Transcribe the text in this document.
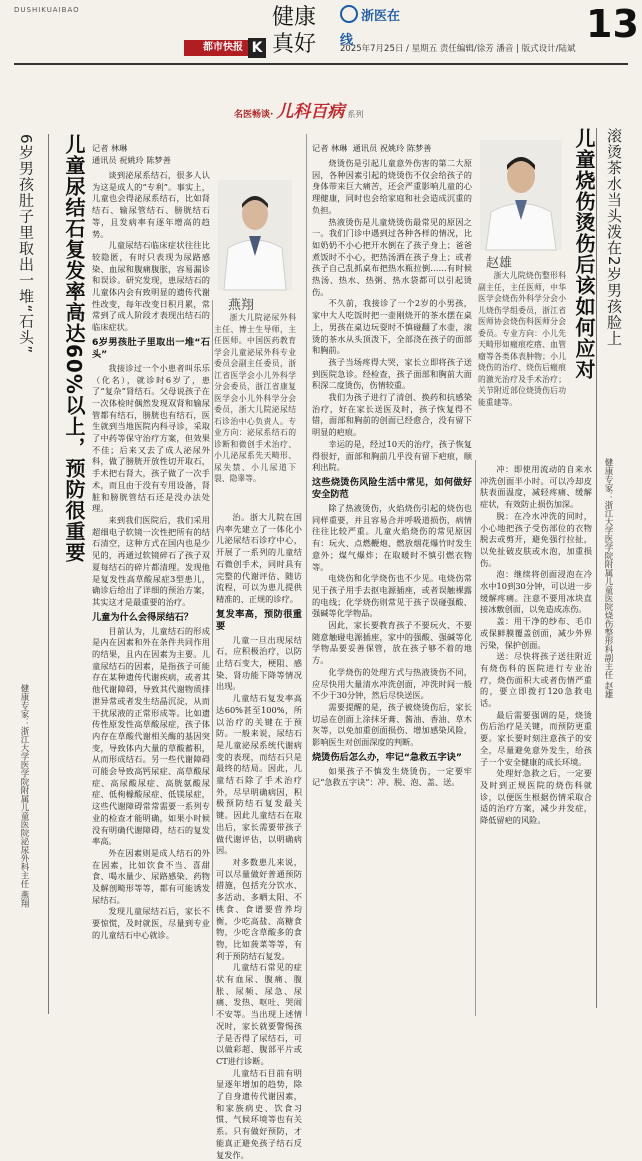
DUSHIKUAIBAO
都市快报 K
健康真好
浙医在线
2025年7月25日 / 星期五 责任编辑/徐芳 潘音 | 版式设计/陆斌
13
名医畅谈· 儿科百病 系列
6岁男孩肚子里取出一堆“石头” 儿童尿结石复发率高达60%以上，预防很重要
健康专家：浙江大学医学院附属儿童医院泌尿外科主任 燕翔
儿童烧伤烫伤后该如何应对 滚烫茶水当头泼在2岁男孩脸上
健康专家：浙江大学医学院附属儿童医院烧伤整形科副主任 赵雄
记者 林琳
通讯员 祝姚玲 陈梦善

谈到泌尿系结石，很多人认为这是成人的“专利”。事实上，儿童也会得泌尿系结石，比如肾结石、输尿管结石、膀胱结石等，且发病率有逐年增高的趋势。

儿童尿结石临床症状往往比较隐匿，有时只表现为尿路感染、血尿和腹痛腹胀，容易漏诊和误诊。研究发现，患尿结石的儿童体内会有致明显的遗传代谢性改变，每年改变日积月累，常常到了成人阶段才表现出结石的临床症状。

6岁男孩肚子里取出一堆“石头”

我接诊过一个小患者叫乐乐（化名），就诊时6岁了，患了“复杂”肾结石。父母说孩子在一次体检时偶然发现双肾和输尿管都有结石，膀胱也有结石，医生就到当地医院内科寻诊，采取了中药等保守治疗方案，但效果不佳；后来又去了成人泌尿外科，做了膀胱开放性切开取石，手术把右肾大，孩子做了一次手术，而且由于没有专用设备，肾脏和膀胱管结石还是没办法处理。

来到我们医院后，我们采用超细电子软镜一次性把所有的结石清空，这种方式在国内也是少见的，再通过软镜碎石了孩子双夏每结石的碎片都清理。发现他是复发性高草酸尿症3型患儿，确诊后给出了详细的预治方案，其实这才是最重要的治疗。

儿童为什么会得尿结石？

目前认为，儿童结石的形成是内在因素和外在条件共同作用的结果，且内在因素为主要。儿童尿结石的因素，是指孩子可能存在某种遗传代谢疾病，或者其他代谢障碍，导致其代谢物质排泄异常或者发生结晶沉淀，从而干扰尿液的正常形成等。比如遗传性原发性高草酸尿症，孩子体内存在草酸代谢相关酶的基因突变，导致体内大量的草酸蓄积，从而形成结石。另一些代谢障碍可能会导致高钙尿症、高草酸尿症、高尿酸尿症、高胱氨酸尿症、低枸橼酸尿症、低镁尿症，这些代谢障碍常常需要一系列专业的检查才能明确，如果小时候没有明确代谢障碍，结石的复发率高。

外在因素则是成人结石的外在因素，比如饮食不当、喜甜食、喝水量少、尿路感染、药物及解剖畸形等等，都有可能诱发尿结石。

发现儿童尿结石后，家长不要惊慌，及时就医，尽量到专业的儿童结石中心就诊。

燕翔
浙大儿院泌尿外科主任、博士生导师，主任医师。中国医药教育学会儿童泌尿外科专业委员会副主任委员，浙江省医学会小儿外科学分会委员，浙江省康复医学会小儿外科学分会委员，浙大儿院泌尿结石诊治中心负责人。专业方向：泌尿系结石的诊断和微创手术治疗、小儿泌尿系先天畸形、尿失禁、小儿尿道下裂、隐睾等。

治。浙大儿院在国内率先建立了一体化小儿泌尿结石诊疗中心，开展了一系列的儿童结石微创手术，同时具有完整的代谢评估、随访流程，可以为患儿提供精准的、正规的诊疗。

复发率高，预防很重要

儿童一旦出现尿结石，应积极治疗，以防止结石变大，梗阻、感染、肾功能下降等情况出现。

儿童结石复发率高达60%甚至100%，所以治疗的关键在于预防。一般来说，尿结石是儿童泌尿系统代谢病变的表现，而结石只是最终的结局。因此，儿童结石除了手术治疗外，尽早明确病因，积极预防结石复发最关键。因此儿童结石在取出后，家长需要带孩子做代谢评估，以明确病因。

对多数患儿来说，可以尽量做好普通预防措施，包括充分饮水、多活动、多晒太阳、不挑食、食谱要营养均衡，少吃高盐、高糖食物，少吃含草酸多的食物，比如菠菜等等，有利于预防结石复发。

儿童结石常见的症状有血尿、腹痛、腹胀、尿频、尿急、尿痛、发热、呕吐、哭闹不安等。当出现上述情况时，家长就要警惕孩子是否得了尿结石，可以做彩超、腹部平片或CT进行诊断。

儿童结石目前有明显逐年增加的趋势，除了自身遗传代谢因素，和家族病史、饮食习惯、气候环境等也有关系。只有做好预防，才能真正避免孩子结石反复发作。

记者 林琳 通讯员 祝姚玲 陈梦善

烧烫伤是引起儿童意外伤害的第二大原因，各种因素引起的烧烫伤不仅会给孩子的身体带来巨大痛苦，还会严重影响儿童的心理健康，同时也会给家庭和社会造成沉重的负担。

热液烫伤是儿童烧烫伤最常见的原因之一。我们门诊中遇到过各种各样的情况，比如奶奶不小心把开水倒在了孩子身上；爸爸煮饭时不小心，把热汤洒在孩子身上；或者孩子自己乱抓桌布把热水瓶拉倒……有时候热汤、热水、热粥、热水袋都可以引起烫伤。

不久前，我接诊了一个2岁的小男孩，家中大人吃饭时把一壶刚烧开的茶水摆在桌上，男孩在桌边玩耍时不慎碰翻了水壶，滚烫的茶水从头顶泼下，全部浇在孩子的面部和胸前。

孩子当场疼得大哭，家长立即将孩子送到医院急诊。经检查，孩子面部和胸前大面积深二度烫伤，伤情较重。

我们为孩子进行了清创、换药和抗感染治疗，好在家长送医及时，孩子恢复得不错，面部和胸前的创面已经愈合，没有留下明显的疤痕。

幸运的是，经过10天的治疗，孩子恢复得很好，面部和胸前几乎没有留下疤痕，顺利出院。

这些烧烫伤风险生活中常见，如何做好安全防范

除了热液烫伤，火焰烧伤引起的烧伤也同样重要，并且容易合并呼吸道损伤，病情往往比较严重。儿童火焰烧伤的常见原因有：玩火、点燃鞭炮、燃放烟花爆竹时发生意外；煤气爆炸；在取暖时不慎引燃衣物等。

电烧伤和化学烧伤也不少见。电烧伤常见于孩子用手去抠电源插座，或者误触裸露的电线；化学烧伤则常见于孩子误碰强酸、强碱等化学物品。

因此，家长要教育孩子不要玩火、不要随意触碰电源插座，家中的强酸、强碱等化学物品要妥善保管，放在孩子够不着的地方。

化学烧伤的处理方式与热液烫伤不同，应尽快用大量清水冲洗创面，冲洗时间一般不少于30分钟，然后尽快送医。

需要提醒的是，孩子被烧烫伤后，家长切忌在创面上涂抹牙膏、酱油、香油、草木灰等，以免加重创面损伤、增加感染风险，影响医生对创面深度的判断。

烧烫伤后怎么办，牢记“急救五字诀”

如果孩子不慎发生烧烫伤，一定要牢记“急救五字诀”：冲、脱、泡、盖、送。

赵雄
浙大儿院烧伤整形科副主任，主任医师，中华医学会烧伤外科学分会小儿烧伤学组委员，浙江省医师协会烧伤科医师分会委员。专业方向：小儿先天畸形如瘢痕疙瘩、血管瘤等各类体表肿物；小儿烧伤的治疗、烧伤后瘢痕的激光治疗及手术治疗；关节附近部位烧烫伤后功能重建等。

冲：即使用流动的自来水冲洗创面半小时。可以冷却皮肤表面温度，减轻疼痛、缓解症状，有效防止损伤加深。

脱：在冷水冲洗的同时，小心地把孩子受伤部位的衣物脱去或剪开，避免强行拉扯，以免扯破皮肤或水泡，加重损伤。

泡：继续将创面浸泡在冷水中10到30分钟，可以进一步缓解疼痛。注意不要用冰块直接冰敷创面，以免造成冻伤。

盖：用干净的纱布、毛巾或保鲜膜覆盖创面，减少外界污染，保护创面。

送：尽快将孩子送往附近有烧伤科的医院进行专业治疗，烧伤面积大或者伤情严重的，要立即拨打120急救电话。

最后需要强调的是，烧烫伤后治疗是关键，而预防更重要。家长要时刻注意孩子的安全，尽量避免意外发生，给孩子一个安全健康的成长环境。

处理好急救之后，一定要及时到正规医院的烧伤科就诊，以便医生根据伤情采取合适的治疗方案，减少并发症，降低留疤的风险。
